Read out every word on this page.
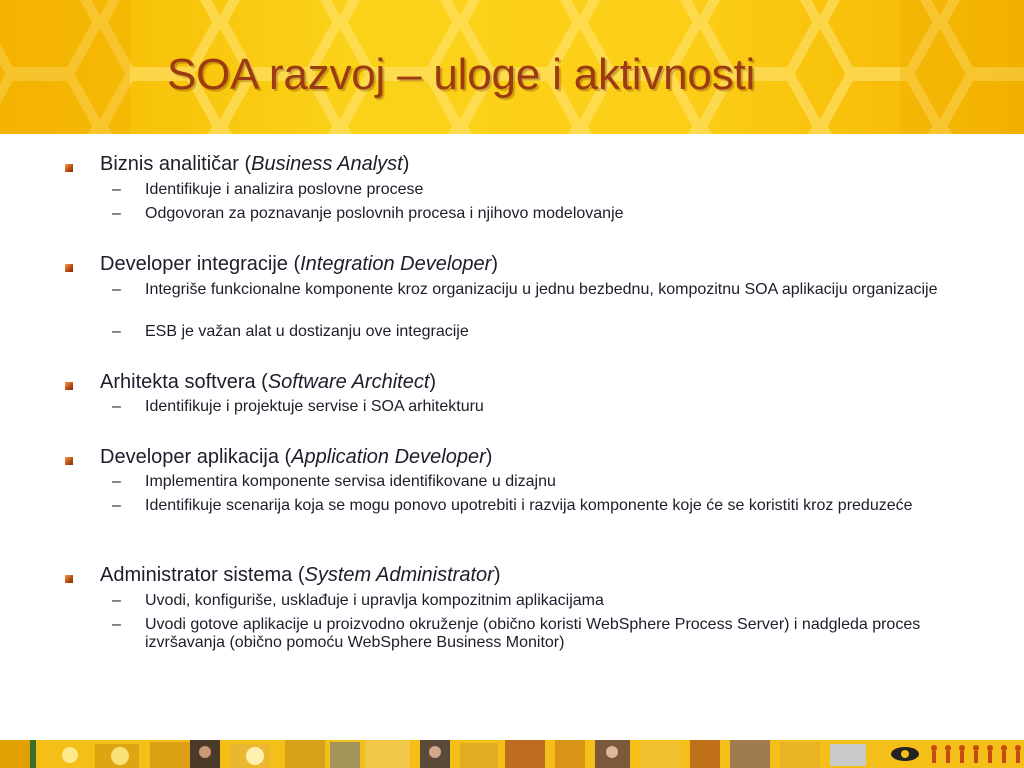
SOA razvoj – uloge i aktivnosti
Biznis analitičar (Business Analyst)
– Identifikuje i analizira poslovne procese
– Odgovoran za poznavanje poslovnih procesa i njihovo modelovanje
Developer integracije (Integration Developer)
– Integriše funkcionalne komponente kroz organizaciju u jednu bezbednu, kompozitnu SOA aplikaciju organizacije
– ESB je važan alat u dostizanju ove integracije
Arhitekta softvera (Software Architect)
– Identifikuje i projektuje servise i SOA arhitekturu
Developer aplikacija (Application Developer)
– Implementira komponente servisa identifikovane u dizajnu
– Identifikuje scenarija koja se mogu ponovo upotrebiti i razvija komponente koje će se koristiti kroz preduzeće
Administrator sistema (System Administrator)
– Uvodi, konfiguriše, usklađuje i upravlja kompozitnim aplikacijama
– Uvodi gotove aplikacije u proizvodno okruženje (obično koristi WebSphere Process Server) i nadgleda proces izvršavanja (obično pomoću WebSphere Business Monitor)
